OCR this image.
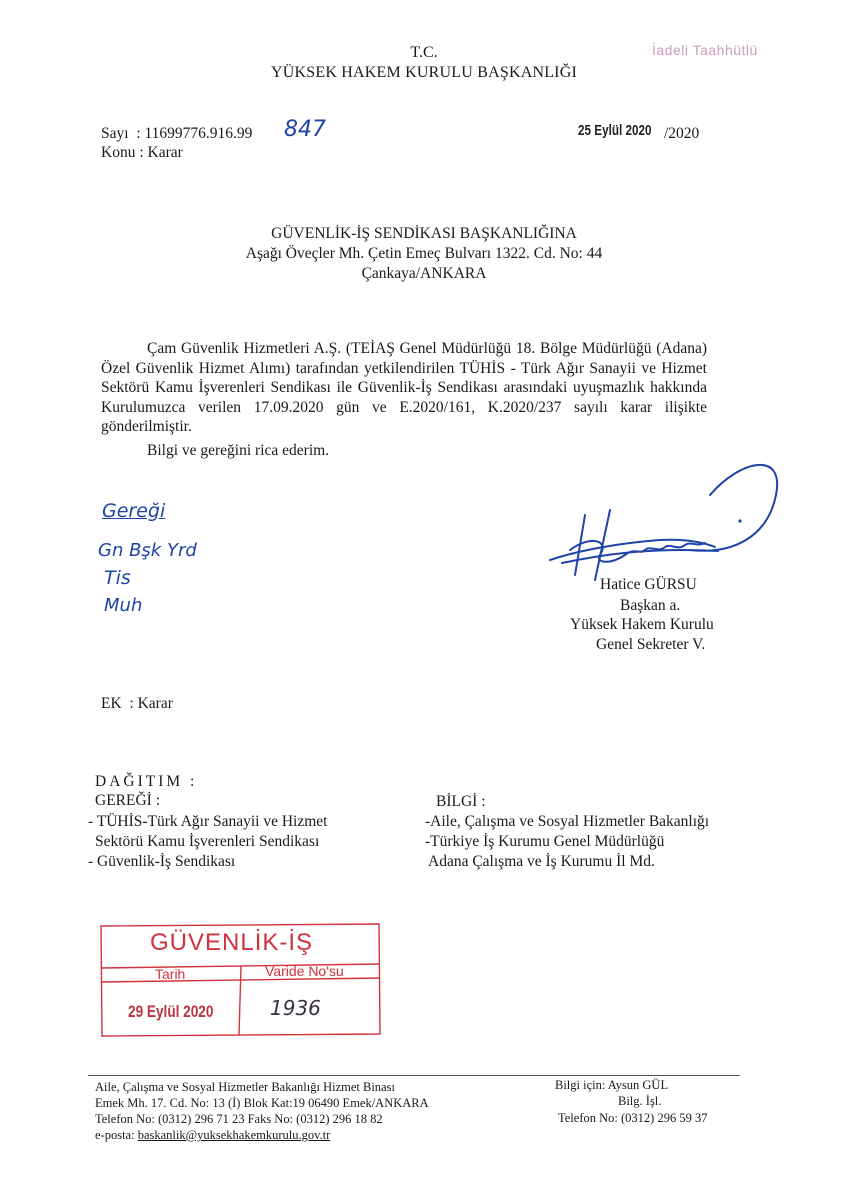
T.C.
YÜKSEK HAKEM KURULU BAŞKANLIĞI
İadeli Taahhütlü
Sayı : 11699776.916.99 847
Konu : Karar
25 Eylül 2020 /2020
GÜVENLİK-İŞ SENDİKASI BAŞKANLIĞINA
Aşağı Öveçler Mh. Çetin Emeç Bulvarı 1322. Cd. No: 44
Çankaya/ANKARA
Çam Güvenlik Hizmetleri A.Ş. (TEİAŞ Genel Müdürlüğü 18. Bölge Müdürlüğü (Adana) Özel Güvenlik Hizmet Alımı) tarafından yetkilendirilen TÜHİS - Türk Ağır Sanayii ve Hizmet Sektörü Kamu İşverenleri Sendikası ile Güvenlik-İş Sendikası arasındaki uyuşmazlık hakkında Kurulumuzca verilen 17.09.2020 gün ve E.2020/161, K.2020/237 sayılı karar ilişikte gönderilmiştir.
Bilgi ve gereğini rica ederim.
Gereği
Gn Bşk Yrd
Tis
Muh
Hatice GÜRSU
Başkan a.
Yüksek Hakem Kurulu
Genel Sekreter V.
EK : Karar
DAĞITIM :
GEREĞİ :
- TÜHİS-Türk Ağır Sanayii ve Hizmet
Sektörü Kamu İşverenleri Sendikası
- Güvenlik-İş Sendikası
BİLGİ :
-Aile, Çalışma ve Sosyal Hizmetler Bakanlığı
-Türkiye İş Kurumu Genel Müdürlüğü
Adana Çalışma ve İş Kurumu İl Md.
GÜVENLİK-İŞ
Tarih	Varide No'su
29 Eylül 2020	1936
Aile, Çalışma ve Sosyal Hizmetler Bakanlığı Hizmet Binası
Emek Mh. 17. Cd. No: 13 (İ) Blok Kat:19 06490 Emek/ANKARA
Telefon No: (0312) 296 71 23 Faks No: (0312) 296 18 82
e-posta: baskanlik@yuksekhakemkurulu.gov.tr
Bilgi için: Aysun GÜL
Bilg. İşl.
Telefon No: (0312) 296 59 37
